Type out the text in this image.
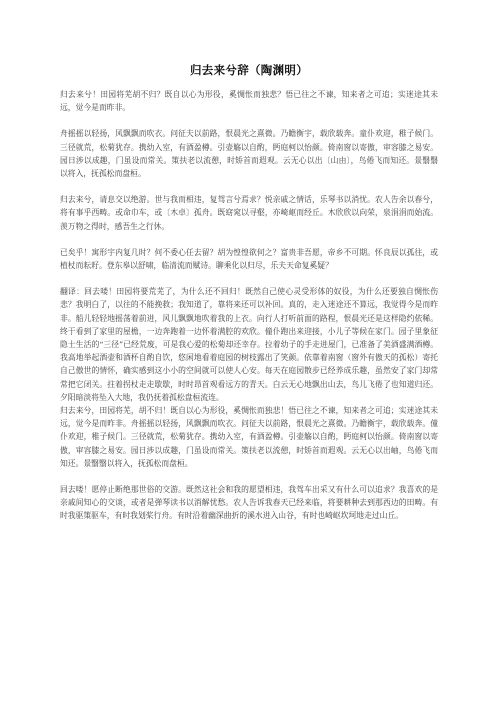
归去来兮辞（陶渊明）

归去来兮！田园将芜胡不归？既自以心为形役，奚惆怅而独悲？悟已往之不谏，知来者之可追；实迷途其未远，觉今是而昨非。

舟摇摇以轻扬，风飘飘而吹衣。问征夫以前路，恨晨光之熹微。乃瞻衡宇，载欣载奔。童仆欢迎，稚子候门。三径就荒，松菊犹存。携幼入室，有酒盈樽。引壶觞以自酌，眄庭柯以怡颜。倚南窗以寄傲，审容膝之易安。园日涉以成趣，门虽设而常关。策扶老以流憩，时矫首而遐观。云无心以出〔山由〕，鸟倦飞而知还。景翳翳以将入，抚孤松而盘桓。

归去来兮，请息交以绝游。世与我而相违，复驾言兮焉求？悦亲戚之情话，乐琴书以消忧。农人告余以春兮，将有事乎西畴。或命巾车，或〔木卓〕孤舟。既窈窕以寻壑，亦崎岖而经丘。木欣欣以向荣，泉涓涓而始流。羡万物之得时，感吾生之行休。

已矣乎！寓形宇内复几时？何不委心任去留？胡为惶惶欲何之？富贵非吾愿，帝乡不可期。怀良辰以孤往，或植杖而耘耔。登东皋以舒啸，临清流而赋诗。聊乘化以归尽，乐夫天命复奚疑？

翻译：回去喽！田园将要荒芜了，为什么还不回归！既然自己使心灵受形体的奴役，为什么还要独自惆怅伤悲？我明白了，以往的不能挽救；我知道了，靠将来还可以补回。真的，走入迷途还不算远，我觉得今是而昨非。船儿轻轻地摇荡着前进，风儿飘飘地吹着我的上衣。向行人打听前面的路程，恨晨光还是这样隐约依稀。终于看到了家里的屋檐，一边奔跑着一边怀着满腔的欢欣。僮仆跑出来迎接，小儿子等候在家门。园子里象征隐士生活的“三径”已经荒废，可是我心爱的松菊却还幸存。拉着幼子的手走进屋门，已准备了美酒盛满酒樽。我高地举起酒壶和酒杯自酌自饮，悠闲地看着庭园的树枝露出了笑颜。依靠着南窗（窗外有傲天的孤松）寄托自己傲世的情怀，确实感到这小小的空间就可以使人心安。每天在庭园散步已经养成乐趣，虽然安了家门却常常把它闭关。拄着拐杖走走歇歇，时时昂首观看远方的青天。白云无心地飘出山去，鸟儿飞倦了也知道归还。夕阳暗淡将坠入大地，我仍抚着孤松盘桓流连。

归去来兮，田园将芜，胡不归！既自以心为形役，奚惆怅而独悲！悟已往之不谏，知来者之可追；实迷途其未远，觉今是而昨非。舟摇摇以轻扬，风飘飘而吹衣。问征夫以前路，恨晨光之熹微。乃瞻衡宇，载欣载奔。僮仆欢迎，稚子候门。三径就荒，松菊犹存。携幼入室，有酒盈樽。引壶觞以自酌，眄庭柯以怡颜。倚南窗以寄傲，审容膝之易安。园日涉以成趣，门虽设而常关。策扶老以流憩，时矫首而遐观。云无心以出岫，鸟倦飞而知还。景翳翳以将入，抚孤松而盘桓。

回去喽！愿停止断绝那世俗的交游。既然这社会和我的愿望相违，我驾车出采又有什么可以追求？我喜欢的是亲戚间知心的交谈，或者是弹琴读书以消解忧愁。农人告诉我春天已经来临，将要耕种去到那西边的田畴。有时我驱策驱车，有时我划桨行舟。有时沿着幽深曲折的溪水进入山谷，有时也崎岖坎坷地走过山丘。
